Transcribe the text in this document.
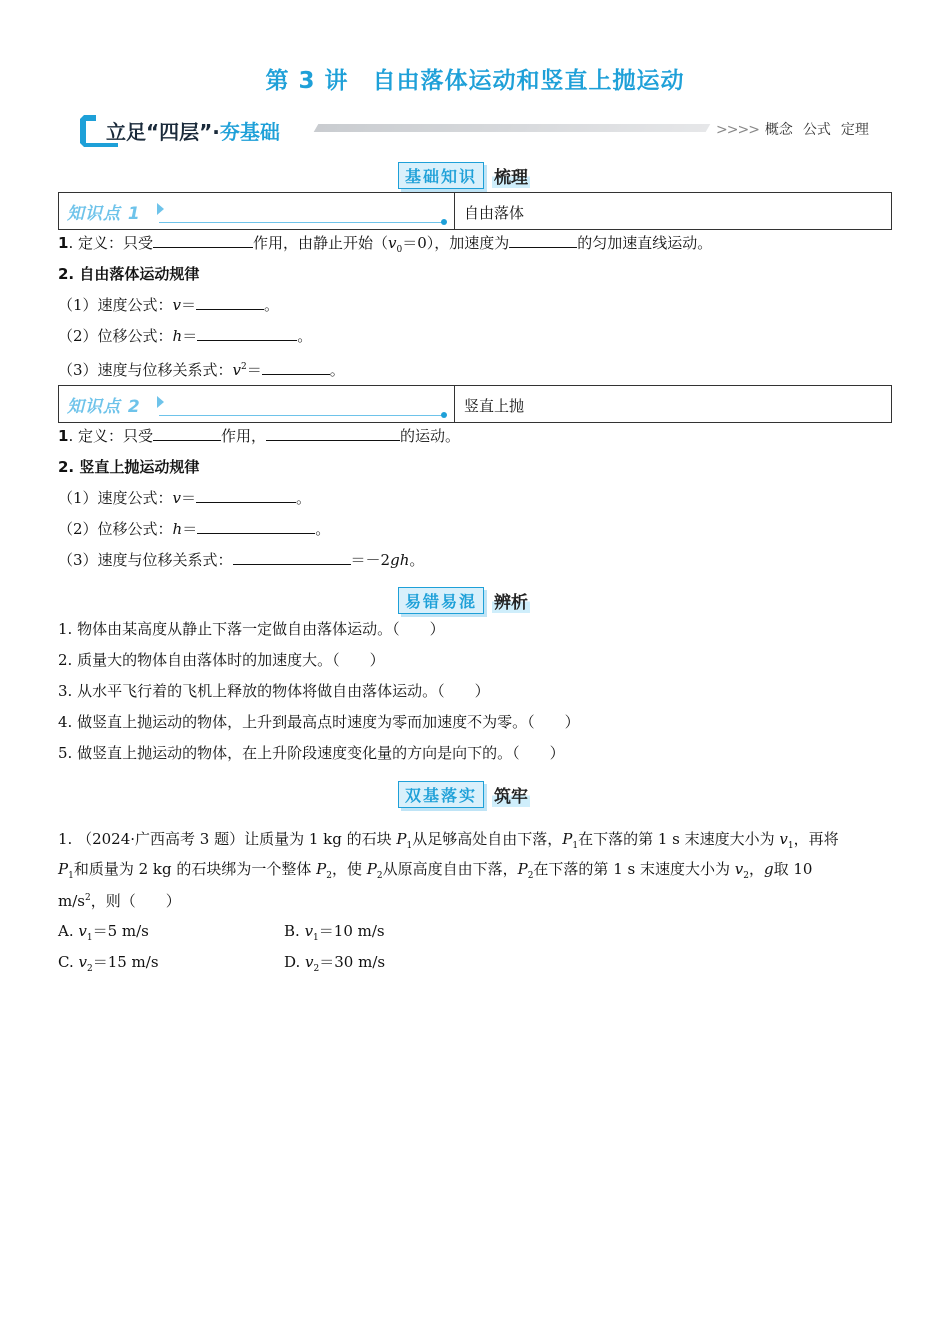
第 3 讲　自由落体运动和竖直上抛运动
立足“四层”·夯基础	>>>> 概念 公式 定理
基础知识	梳理
知识点 1	自由落体
1. 定义：只受	作用，由静止开始$(v_0=0)$，加速度为	的匀加速直线运动。
2. 自由落体运动规律
（1）速度公式：v＝	。
（2）位移公式：h＝	。
（3）速度与位移关系式：$v^2=$	。
知识点 2	竖直上抛
1. 定义：只受	作用，	的运动。
2. 竖直上抛运动规律
（1）速度公式：v＝	。
（2）位移公式：h＝	。
（3）速度与位移关系式：	＝－2gh。
易错易混	辨析
1. 物体由某高度从静止下落一定做自由落体运动。（　　）
2. 质量大的物体自由落体时的加速度大。（　　）
3. 从水平飞行着的飞机上释放的物体将做自由落体运动。（　　）
4. 做竖直上抛运动的物体，上升到最高点时速度为零而加速度不为零。（　　）
5. 做竖直上抛运动的物体，在上升阶段速度变化量的方向是向下的。（　　）
双基落实	筑牢
1. （2024·广西高考 3 题）让质量为 1 kg 的石块 $P_1$从足够高处自由下落，$P_1$在下落的第 1 s 末速度大小为 $v_1$，再将
$P_1$和质量为 2 kg 的石块绑为一个整体 $P_2$，使 $P_2$从原高度自由下落，$P_2$在下落的第 1 s 末速度大小为 $v_2$，g取 10
$m/s^2$，则（　　）
A. $v_1=5$ m/s	B. $v_1=10$ m/s
C. $v_2=15$ m/s	D. $v_2=30$ m/s
